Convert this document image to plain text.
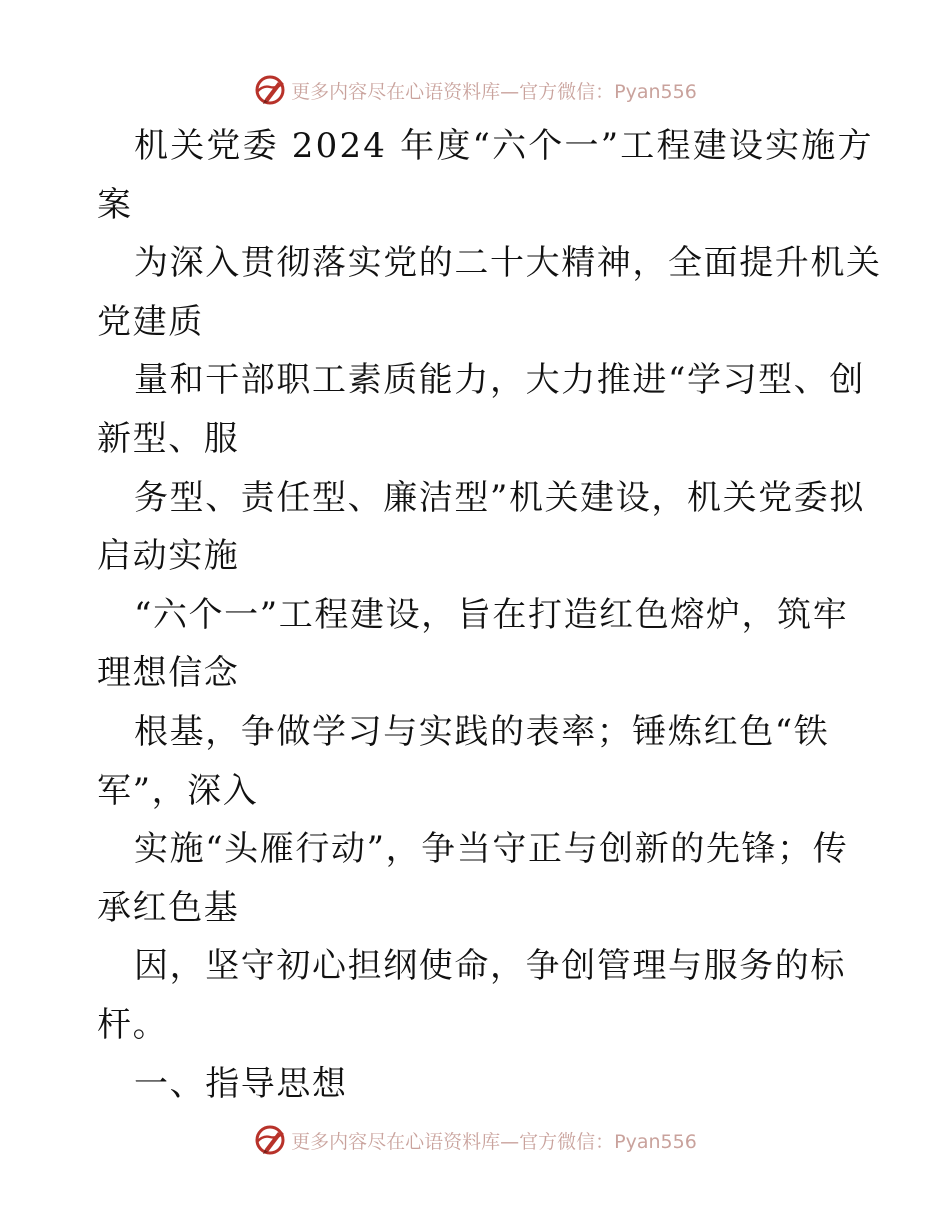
更多内容尽在心语资料库—官方微信：Pyan556
机关党委 2024 年度“六个一”工程建设实施方
案
为深入贯彻落实党的二十大精神，全面提升机关
党建质
量和干部职工素质能力，大力推进“学习型、创
新型、服
务型、责任型、廉洁型”机关建设，机关党委拟
启动实施
“六个一”工程建设，旨在打造红色熔炉，筑牢
理想信念
根基，争做学习与实践的表率；锤炼红色“铁
军”，深入
实施“头雁行动”，争当守正与创新的先锋；传
承红色基
因，坚守初心担纲使命，争创管理与服务的标
杆。
一、指导思想
更多内容尽在心语资料库—官方微信：Pyan556
